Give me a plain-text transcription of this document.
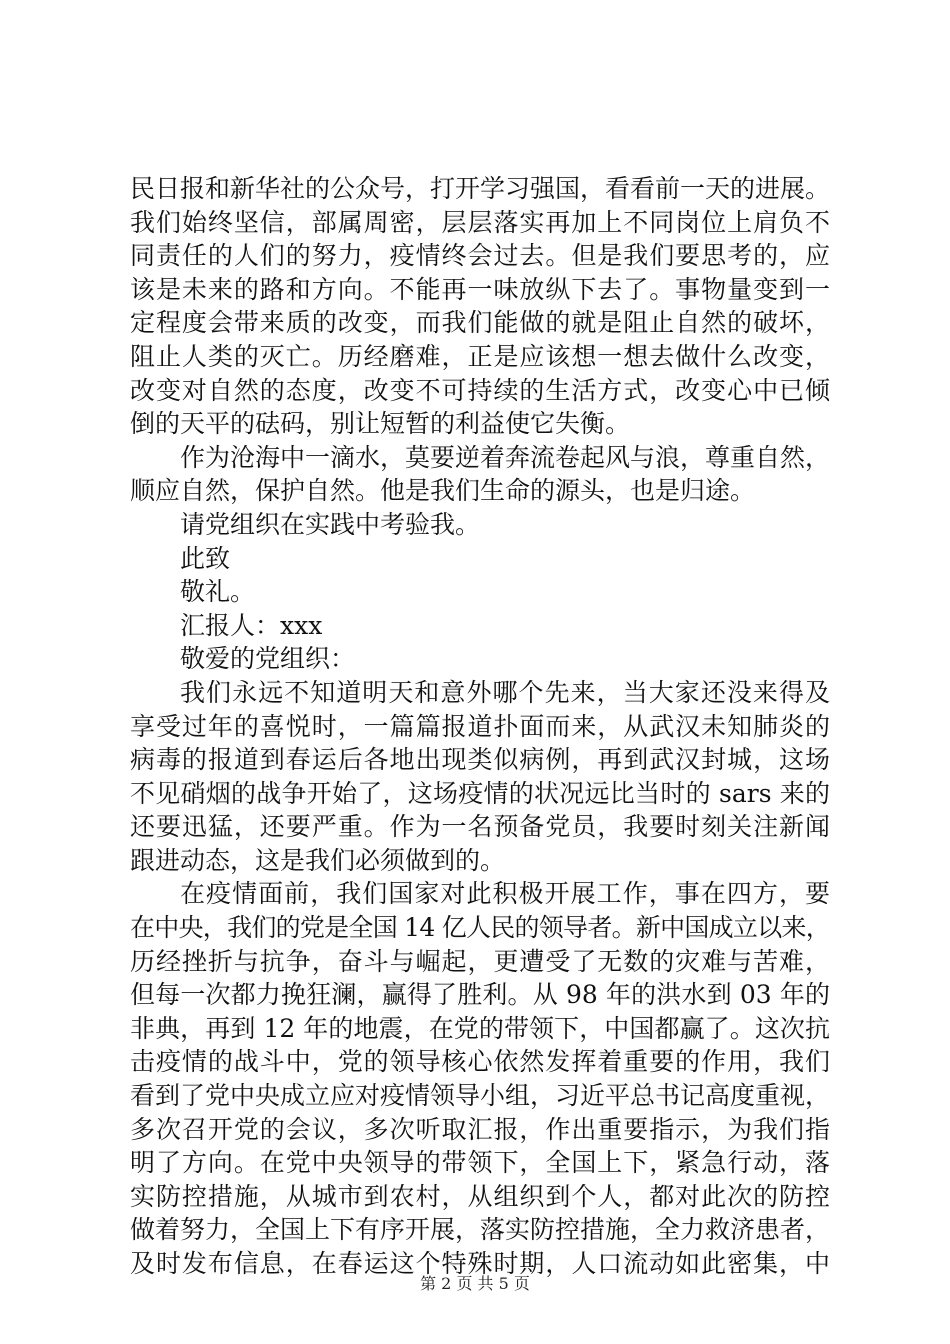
民日报和新华社的公众号，打开学习强国，看看前一天的进展。
我们始终坚信，部属周密，层层落实再加上不同岗位上肩负不
同责任的人们的努力，疫情终会过去。但是我们要思考的，应
该是未来的路和方向。不能再一味放纵下去了。事物量变到一
定程度会带来质的改变，而我们能做的就是阻止自然的破坏，
阻止人类的灭亡。历经磨难，正是应该想一想去做什么改变，
改变对自然的态度，改变不可持续的生活方式，改变心中已倾
倒的天平的砝码，别让短暂的利益使它失衡。
作为沧海中一滴水，莫要逆着奔流卷起风与浪，尊重自然，
顺应自然，保护自然。他是我们生命的源头，也是归途。
请党组织在实践中考验我。
此致
敬礼。
汇报人：xxx
敬爱的党组织：
我们永远不知道明天和意外哪个先来，当大家还没来得及
享受过年的喜悦时，一篇篇报道扑面而来，从武汉未知肺炎的
病毒的报道到春运后各地出现类似病例，再到武汉封城，这场
不见硝烟的战争开始了，这场疫情的状况远比当时的 sars 来的
还要迅猛，还要严重。作为一名预备党员，我要时刻关注新闻
跟进动态，这是我们必须做到的。
在疫情面前，我们国家对此积极开展工作，事在四方，要
在中央，我们的党是全国 14 亿人民的领导者。新中国成立以来，
历经挫折与抗争，奋斗与崛起，更遭受了无数的灾难与苦难，
但每一次都力挽狂澜，赢得了胜利。从 98 年的洪水到 03 年的
非典，再到 12 年的地震，在党的带领下，中国都赢了。这次抗
击疫情的战斗中，党的领导核心依然发挥着重要的作用，我们
看到了党中央成立应对疫情领导小组，习近平总书记高度重视，
多次召开党的会议，多次听取汇报，作出重要指示，为我们指
明了方向。在党中央领导的带领下，全国上下，紧急行动，落
实防控措施，从城市到农村，从组织到个人，都对此次的防控
做着努力，全国上下有序开展，落实防控措施，全力救济患者，
及时发布信息，在春运这个特殊时期，人口流动如此密集，中
第 2 页 共 5 页
